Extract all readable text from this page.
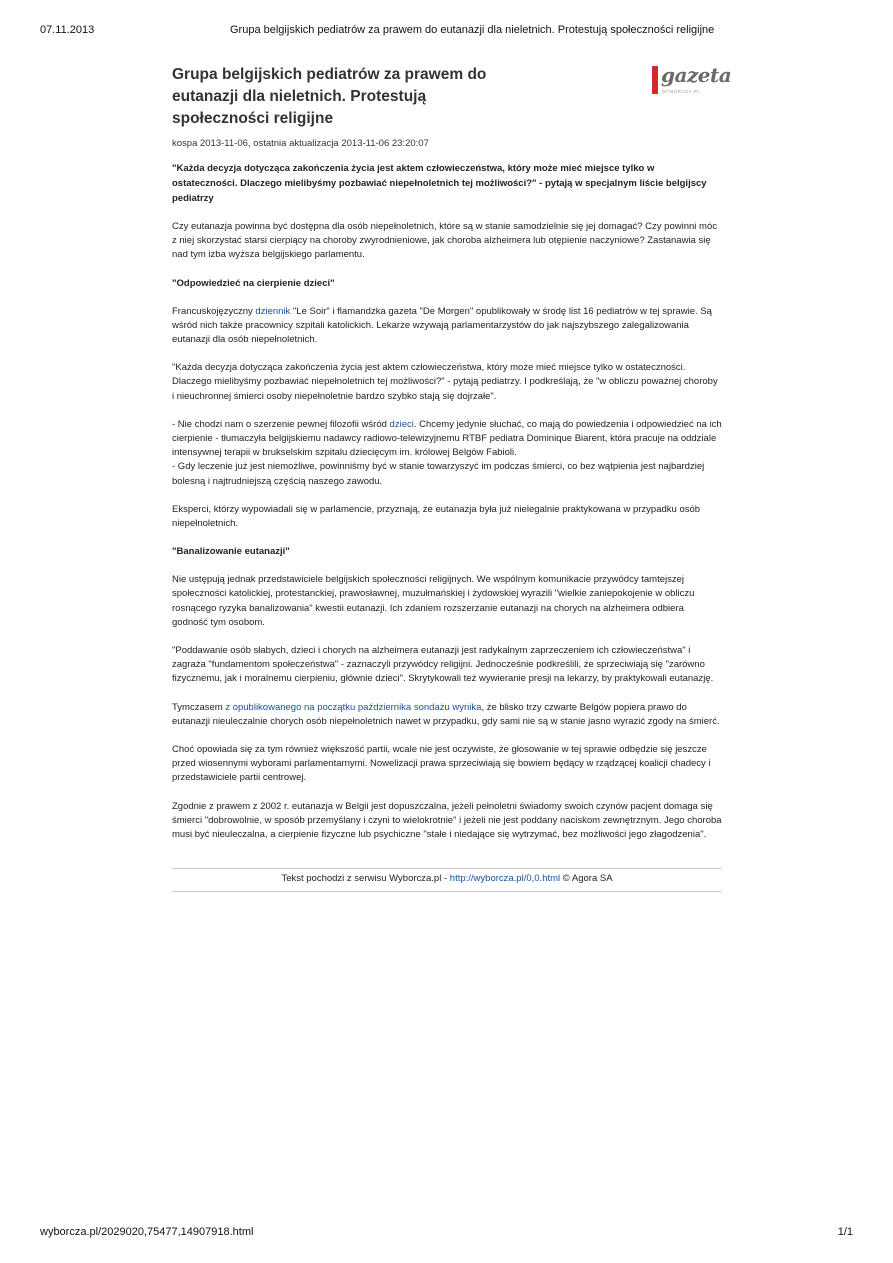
07.11.2013	Grupa belgijskich pediatrów za prawem do eutanazji dla nieletnich. Protestują społeczności religijne
Grupa belgijskich pediatrów za prawem do eutanazji dla nieletnich. Protestują społeczności religijne
gazeta
WYBORCZA.PL
kospa 2013-11-06, ostatnia aktualizacja 2013-11-06 23:20:07
"Każda decyzja dotycząca zakończenia życia jest aktem człowieczeństwa, który może mieć miejsce tylko w ostateczności. Dlaczego mielibyśmy pozbawiać niepełnoletnich tej możliwości?" - pytają w specjalnym liście belgijscy pediatrzy

Czy eutanazja powinna być dostępna dla osób niepełnoletnich, które są w stanie samodzielnie się jej domagać? Czy powinni móc z niej skorzystać starsi cierpiący na choroby zwyrodnieniowe, jak choroba alzheimera lub otępienie naczyniowe? Zastanawia się nad tym izba wyższa belgijskiego parlamentu.

"Odpowiedzieć na cierpienie dzieci"

Francuskojęzyczny dziennik "Le Soir" i flamandzka gazeta "De Morgen" opublikowały w środę list 16 pediatrów w tej sprawie. Są wśród nich także pracownicy szpitali katolickich. Lekarze wzywają parlamentarzystów do jak najszybszego zalegalizowania eutanazji dla osób niepełnoletnich.

"Każda decyzja dotycząca zakończenia życia jest aktem człowieczeństwa, który może mieć miejsce tylko w ostateczności. Dlaczego mielibyśmy pozbawiać niepełnoletnich tej możliwości?" - pytają pediatrzy. I podkreślają, że "w obliczu poważnej choroby i nieuchronnej śmierci osoby niepełnoletnie bardzo szybko stają się dojrzałe".

- Nie chodzi nam o szerzenie pewnej filozofii wśród dzieci. Chcemy jedynie słuchać, co mają do powiedzenia i odpowiedzieć na ich cierpienie - tłumaczyła belgijskiemu nadawcy radiowo-telewizyjnemu RTBF pediatra Dominique Biarent, która pracuje na oddziale intensywnej terapii w brukselskim szpitalu dziecięcym im. królowej Belgów Fabioli.
- Gdy leczenie już jest niemożliwe, powinniśmy być w stanie towarzyszyć im podczas śmierci, co bez wątpienia jest najbardziej bolesną i najtrudniejszą częścią naszego zawodu.

Eksperci, którzy wypowiadali się w parlamencie, przyznają, że eutanazja była już nielegalnie praktykowana w przypadku osób niepełnoletnich.

"Banalizowanie eutanazji"

Nie ustępują jednak przedstawiciele belgijskich społeczności religijnych. We wspólnym komunikacie przywódcy tamtejszej społeczności katolickiej, protestanckiej, prawosławnej, muzułmańskiej i żydowskiej wyrazili "wielkie zaniepokojenie w obliczu rosnącego ryzyka banalizowania" kwestii eutanazji. Ich zdaniem rozszerzanie eutanazji na chorych na alzheimera odbiera godność tym osobom.

"Poddawanie osób słabych, dzieci i chorych na alzheimera eutanazji jest radykalnym zaprzeczeniem ich człowieczeństwa" i zagraża "fundamentom społeczeństwa" - zaznaczyli przywódcy religijni. Jednocześnie podkreślili, że sprzeciwiają się "zarówno fizycznemu, jak i moralnemu cierpieniu, głównie dzieci". Skrytykowali też wywieranie presji na lekarzy, by praktykowali eutanazję.

Tymczasem z opublikowanego na początku października sondażu wynika, że blisko trzy czwarte Belgów popiera prawo do eutanazji nieuleczalnie chorych osób niepełnoletnich nawet w przypadku, gdy sami nie są w stanie jasno wyrazić zgody na śmierć.

Choć opowiada się za tym również większość partii, wcale nie jest oczywiste, że głosowanie w tej sprawie odbędzie się jeszcze przed wiosennymi wyborami parlamentarnymi. Nowelizacji prawa sprzeciwiają się bowiem będący w rządzącej koalicji chadecy i przedstawiciele partii centrowej.

Zgodnie z prawem z 2002 r. eutanazja w Belgii jest dopuszczalna, jeżeli pełnoletni świadomy swoich czynów pacjent domaga się śmierci "dobrowolnie, w sposób przemyślany i czyni to wielokrotnie" i jeżeli nie jest poddany naciskom zewnętrznym. Jego choroba musi być nieuleczalna, a cierpienie fizyczne lub psychiczne "stałe i niedające się wytrzymać, bez możliwości jego złagodzenia".

Tekst pochodzi z serwisu Wyborcza.pl - http://wyborcza.pl/0,0.html © Agora SA
wyborcza.pl/2029020,75477,14907918.html	1/1
